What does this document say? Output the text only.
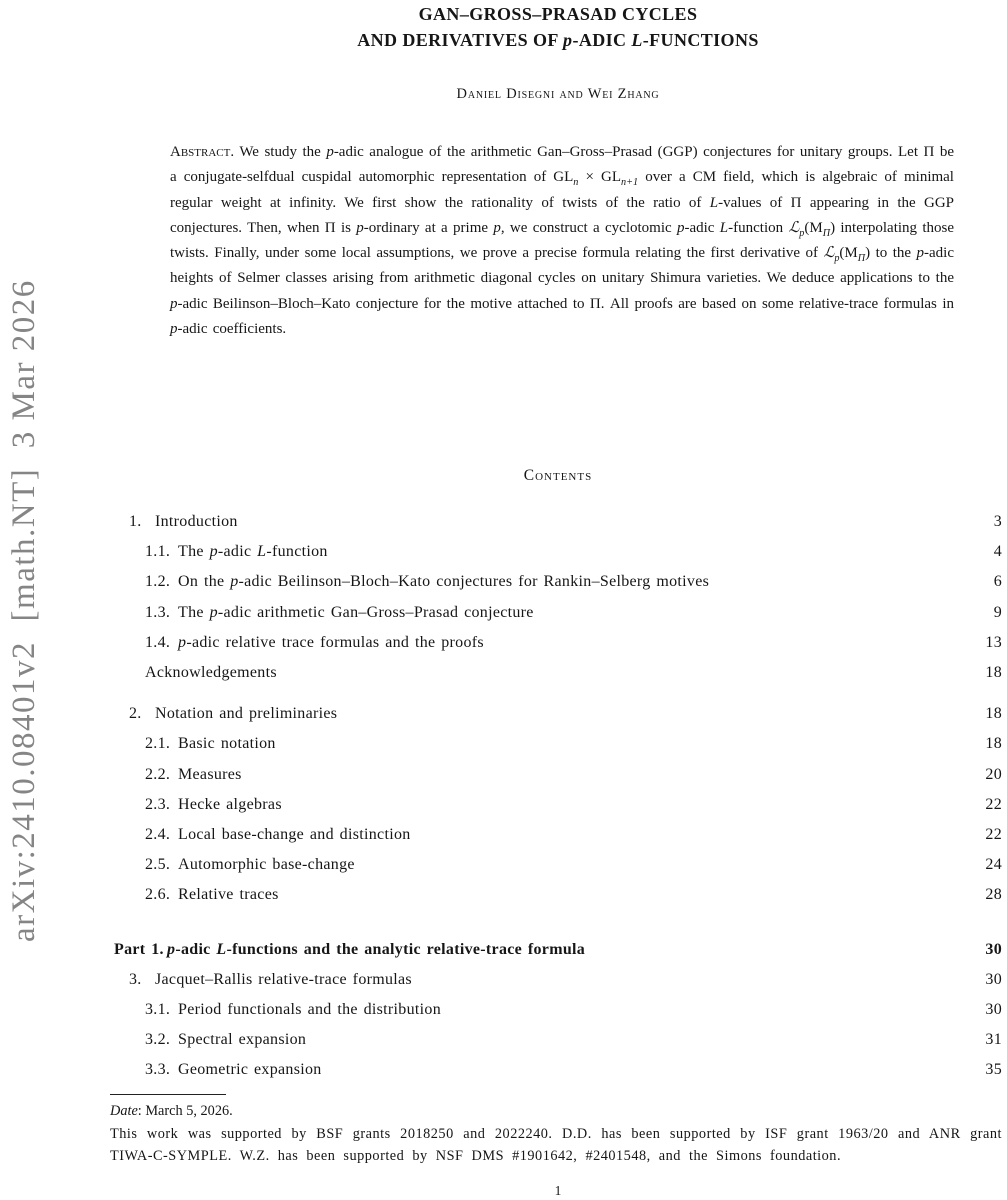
arXiv:2410.08401v2  [math.NT]  3 Mar 2026
GAN–GROSS–PRASAD CYCLES
AND DERIVATIVES OF p-ADIC L-FUNCTIONS
Daniel Disegni and Wei Zhang

Abstract. We study the p-adic analogue of the arithmetic Gan–Gross–Prasad (GGP) conjectures for unitary groups. Let Π be a conjugate-selfdual cuspidal automorphic representation of $GL_n \times GL_{n+1}$ over a CM field, which is algebraic of minimal regular weight at infinity. We first show the rationality of twists of the ratio of L-values of Π appearing in the GGP conjectures. Then, when Π is p-ordinary at a prime p, we construct a cyclotomic p-adic L-function $ℒ_p(M_\Pi)$ interpolating those twists. Finally, under some local assumptions, we prove a precise formula relating the first derivative of $ℒ_p(M_\Pi)$ to the p-adic heights of Selmer classes arising from arithmetic diagonal cycles on unitary Shimura varieties. We deduce applications to the p-adic Beilinson–Bloch–Kato conjecture for the motive attached to Π. All proofs are based on some relative-trace formulas in p-adic coefficients.

Contents
1. Introduction	3
1.1. The p-adic L-function	4
1.2. On the p-adic Beilinson–Bloch–Kato conjectures for Rankin–Selberg motives	6
1.3. The p-adic arithmetic Gan–Gross–Prasad conjecture	9
1.4. p-adic relative trace formulas and the proofs	13
Acknowledgements	18
2. Notation and preliminaries	18
2.1. Basic notation	18
2.2. Measures	20
2.3. Hecke algebras	22
2.4. Local base-change and distinction	22
2.5. Automorphic base-change	24
2.6. Relative traces	28
Part 1. p-adic L-functions and the analytic relative-trace formula	30
3. Jacquet–Rallis relative-trace formulas	30
3.1. Period functionals and the distribution	30
3.2. Spectral expansion	31
3.3. Geometric expansion	35
Date: March 5, 2026.
This work was supported by BSF grants 2018250 and 2022240. D.D. has been supported by ISF grant 1963/20 and ANR grant TIWA-C-SYMPLE. W.Z. has been supported by NSF DMS #1901642, #2401548, and the Simons foundation.
1
